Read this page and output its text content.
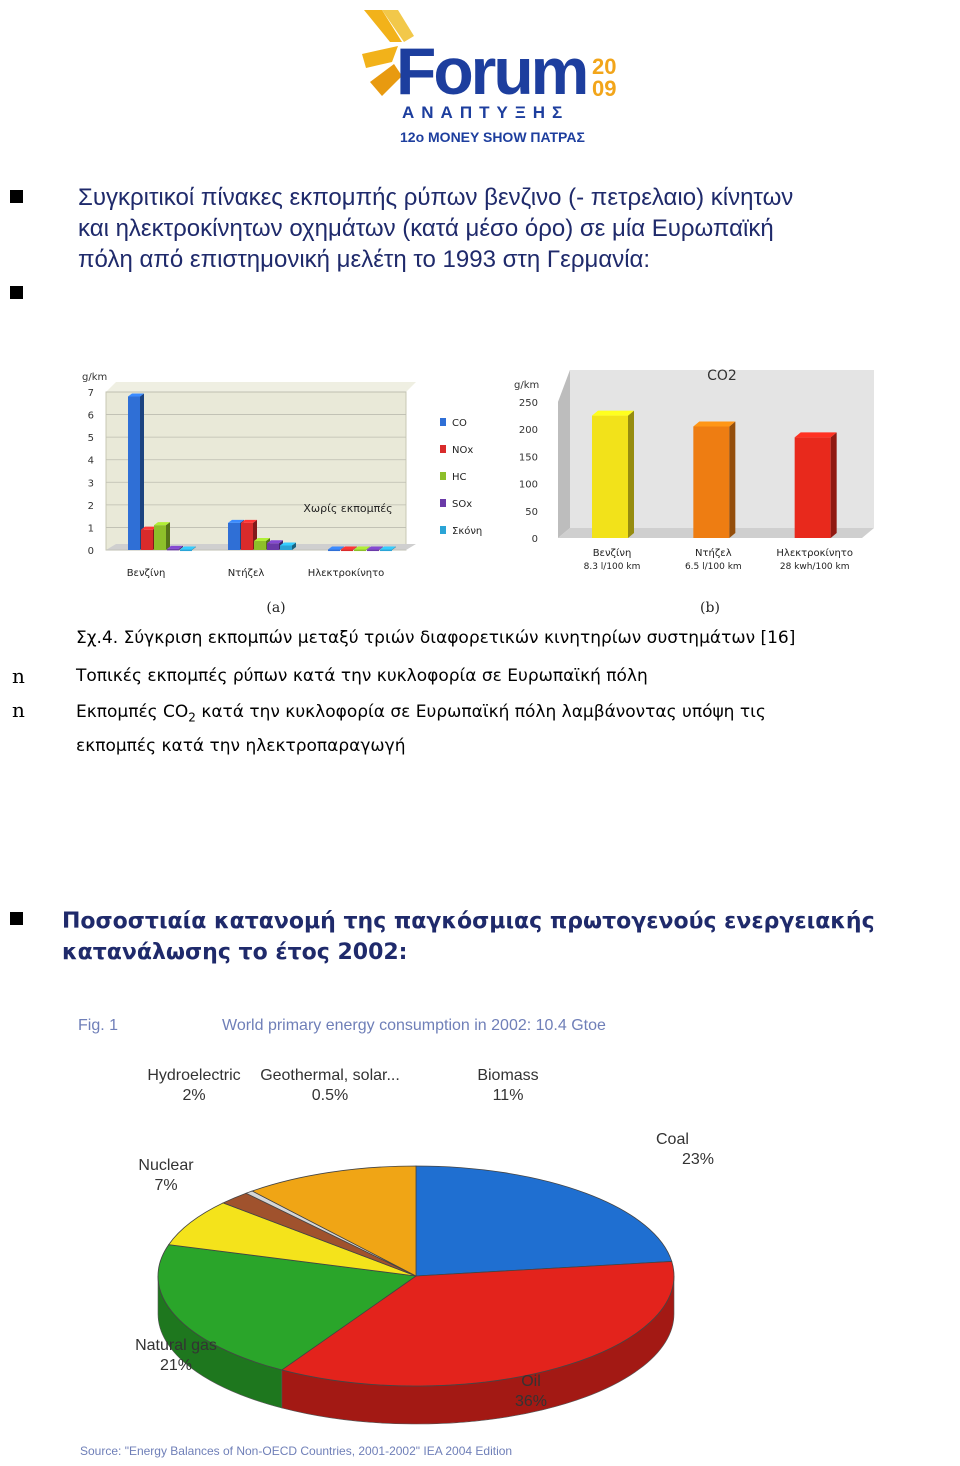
Forum 20
09
ΑΝΑΠΤΥΞΗΣ
12ο MONEY SHOW ΠΑΤΡΑΣ
Συγκριτικοί πίνακες εκπομπής ρύπων βενζινο (- πετρελαιο) κίνητων
και ηλεκτροκίνητων οχημάτων (κατά μέσο όρο) σε μία Ευρωπαϊκή
πόλη από επιστημονική μελέτη το 1993 στη Γερμανία:
7
6
5
4
3
2
1
0
g/km
Βενζίνη	Ντήζελ	Ηλεκτροκίνητο
Χωρίς εκπομπές
CO
NOx
HC
SOx
Σκόνη
(a)
250
200
150
100
50
0
g/km
CO2
Βενζίνη
8.3 l/100 km
Ντήζελ
6.5 l/100 km
Ηλεκτροκίνητο
28 kwh/100 km
(b)
Σχ.4. Σύγκριση εκπομπών μεταξύ τριών διαφορετικών κινητηρίων συστημάτων [16]
n	Τοπικές εκπομπές ρύπων κατά την κυκλοφορία σε Ευρωπαϊκή πόλη
n	Εκπομπές $CO_2$ κατά την κυκλοφορία σε Ευρωπαϊκή πόλη λαμβάνοντας υπόψη τις
εκπομπές κατά την ηλεκτροπαραγωγή
Ποσοστιαία κατανομή της παγκόσμιας πρωτογενούς ενεργειακής
κατανάλωσης το έτος 2002:
Fig. 1	World primary energy consumption in 2002: 10.4 Gtoe
Coal
23%
Oil
36%
Natural gas
21%
Nuclear
7%
Hydroelectric
2%
Geothermal, solar...
0.5%
Biomass
11%
Source: "Energy Balances of Non-OECD Countries, 2001-2002" IEA 2004 Edition
